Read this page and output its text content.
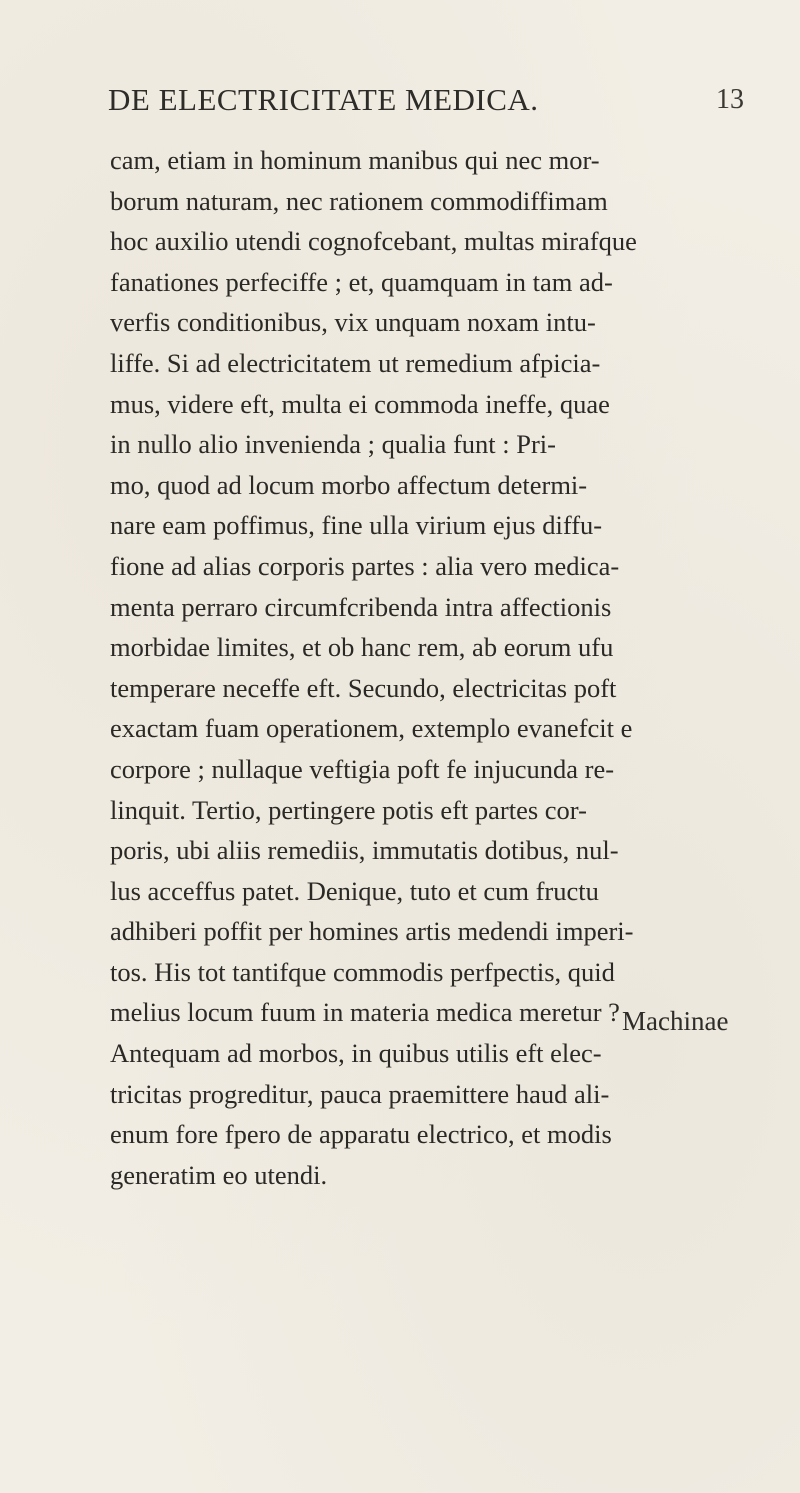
DE ELECTRICITATE MEDICA.	13
cam, etiam in hominum manibus qui nec mor-
borum naturam, nec rationem commodiffimam
hoc auxilio utendi cognofcebant, multas mirafque
fanationes perfeciffe ; et, quamquam in tam ad-
verfis conditionibus, vix unquam noxam intu-
liffe. Si ad electricitatem ut remedium afpicia-
mus, videre eft, multa ei commoda ineffe, quae
in nullo alio invenienda ; qualia funt : Pri-
mo, quod ad locum morbo affectum determi-
nare eam poffimus, fine ulla virium ejus diffu-
fione ad alias corporis partes : alia vero medica-
menta perraro circumfcribenda intra affectionis
morbidae limites, et ob hanc rem, ab eorum ufu
temperare neceffe eft. Secundo, electricitas poft
exactam fuam operationem, extemplo evanefcit e
corpore ; nullaque veftigia poft fe injucunda re-
linquit. Tertio, pertingere potis eft partes cor-
poris, ubi aliis remediis, immutatis dotibus, nul-
lus acceffus patet. Denique, tuto et cum fructu
adhiberi poffit per homines artis medendi imperi-
tos. His tot tantifque commodis perfpectis, quid
melius locum fuum in materia medica meretur ?
Antequam ad morbos, in quibus utilis eft elec-
tricitas progreditur, pauca praemittere haud ali-
enum fore fpero de apparatu electrico, et modis
generatim eo utendi.
Machinae
